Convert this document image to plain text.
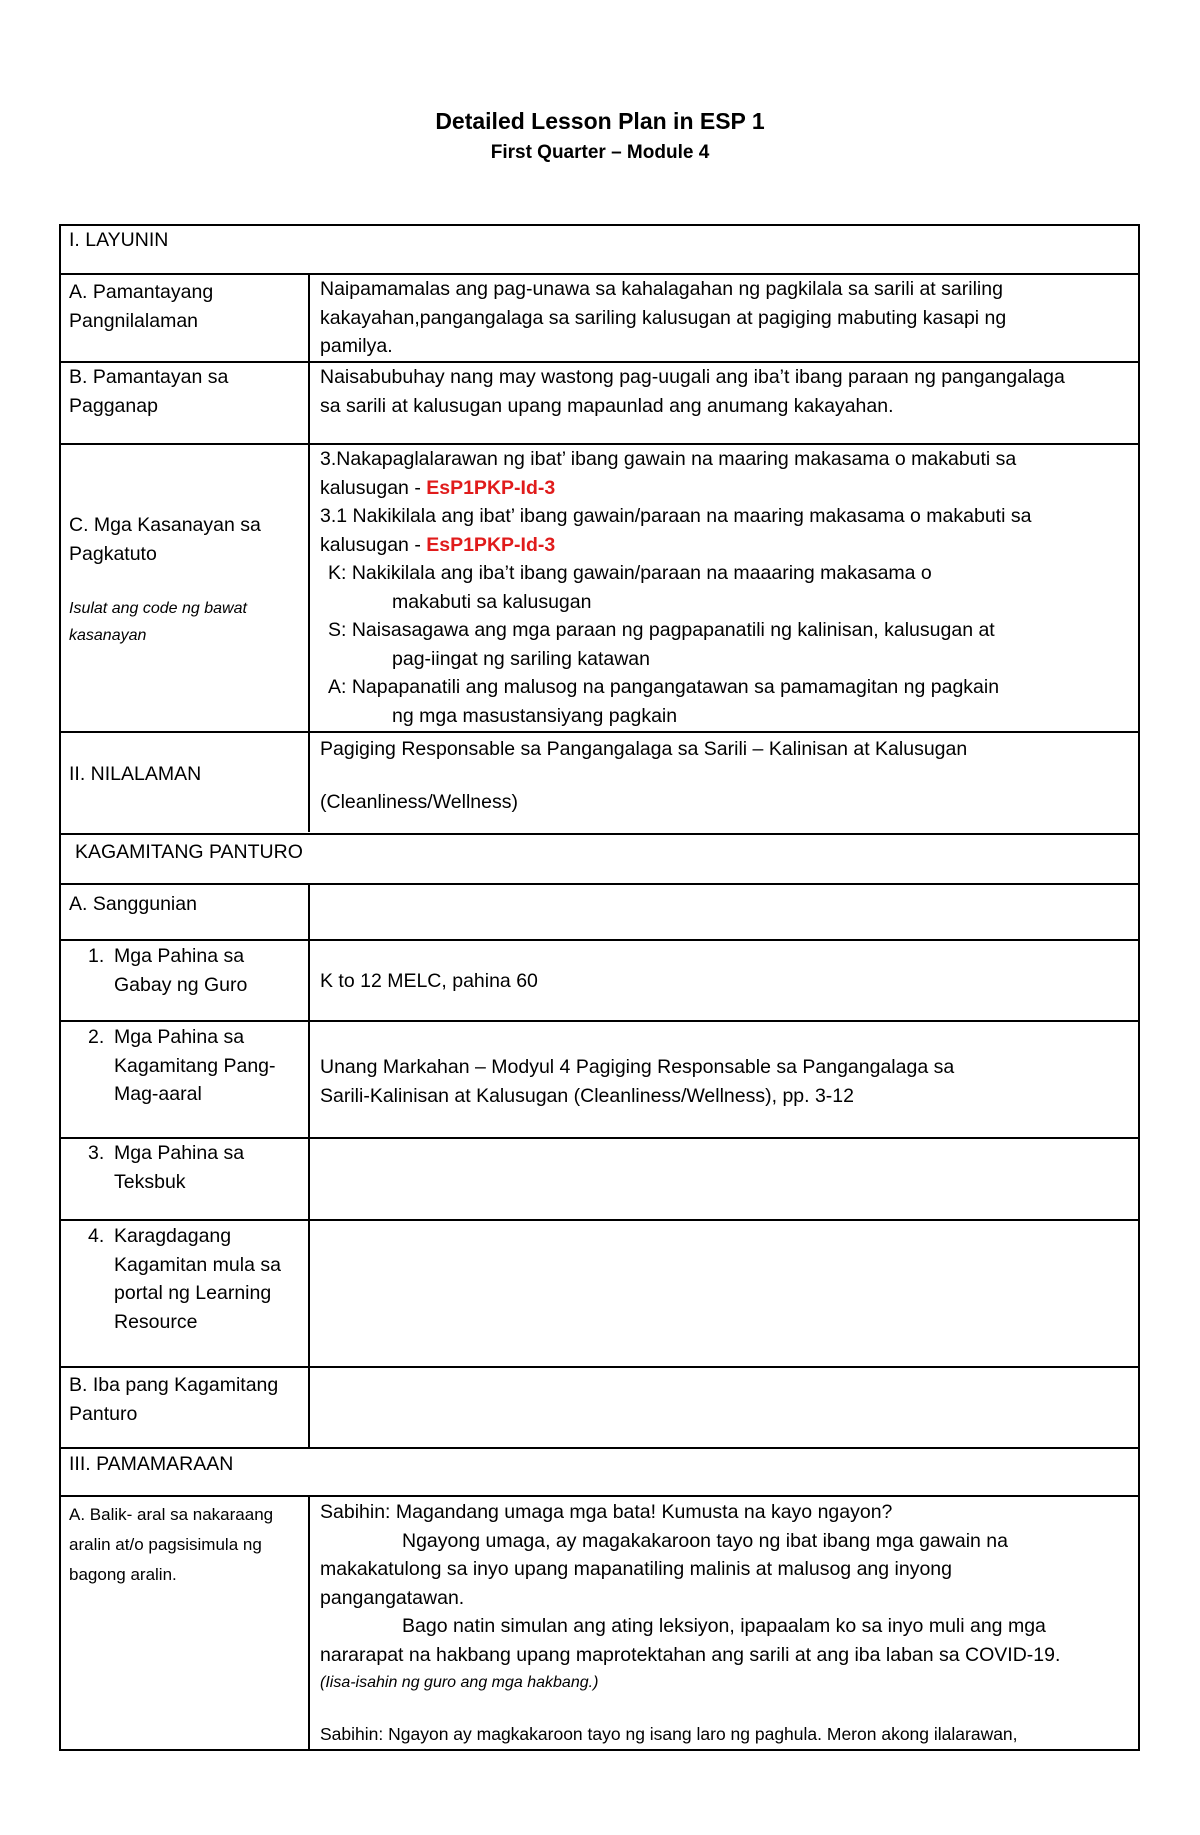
Detailed Lesson Plan in ESP 1
First Quarter – Module 4
I. LAYUNIN
A. Pamantayang
Pangnilalaman
Naipamamalas ang pag-unawa sa kahalagahan ng pagkilala sa sarili at sariling
kakayahan,pangangalaga sa sariling kalusugan at pagiging mabuting kasapi ng
pamilya.
B. Pamantayan sa
Pagganap
Naisabubuhay nang may wastong pag-uugali ang iba’t ibang paraan ng pangangalaga
sa sarili at kalusugan upang mapaunlad ang anumang kakayahan.
C. Mga Kasanayan sa
Pagkatuto
Isulat ang code ng bawat
kasanayan
3.Nakapaglalarawan ng ibat’ ibang gawain na maaring makasama o makabuti sa
kalusugan - EsP1PKP-Id-3
3.1 Nakikilala ang ibat’ ibang gawain/paraan na maaring makasama o makabuti sa
kalusugan - EsP1PKP-Id-3
K: Nakikilala ang iba’t ibang gawain/paraan na maaaring makasama o
makabuti sa kalusugan
S: Naisasagawa ang mga paraan ng pagpapanatili ng kalinisan, kalusugan at
pag-iingat ng sariling katawan
A: Napapanatili ang malusog na pangangatawan sa pamamagitan ng pagkain
ng mga masustansiyang pagkain
II. NILALAMAN
Pagiging Responsable sa Pangangalaga sa Sarili – Kalinisan at Kalusugan
(Cleanliness/Wellness)
KAGAMITANG PANTURO
A. Sanggunian
1. Mga Pahina sa
Gabay ng Guro	K to 12 MELC, pahina 60
2. Mga Pahina sa
Kagamitang Pang-
Mag-aaral
Unang Markahan – Modyul 4 Pagiging Responsable sa Pangangalaga sa
Sarili-Kalinisan at Kalusugan (Cleanliness/Wellness), pp. 3-12
3. Mga Pahina sa
Teksbuk
4. Karagdagang
Kagamitan mula sa
portal ng Learning
Resource
B. Iba pang Kagamitang
Panturo
III. PAMAMARAAN
A. Balik- aral sa nakaraang
aralin at/o pagsisimula ng
bagong aralin.
Sabihin: Magandang umaga mga bata! Kumusta na kayo ngayon?
Ngayong umaga, ay magakakaroon tayo ng ibat ibang mga gawain na
makakatulong sa inyo upang mapanatiling malinis at malusog ang inyong
pangangatawan.
Bago natin simulan ang ating leksiyon, ipapaalam ko sa inyo muli ang mga
nararapat na hakbang upang maprotektahan ang sarili at ang iba laban sa COVID-19.
(Iisa-isahin ng guro ang mga hakbang.)
Sabihin: Ngayon ay magkakaroon tayo ng isang laro ng paghula. Meron akong ilalarawan,
